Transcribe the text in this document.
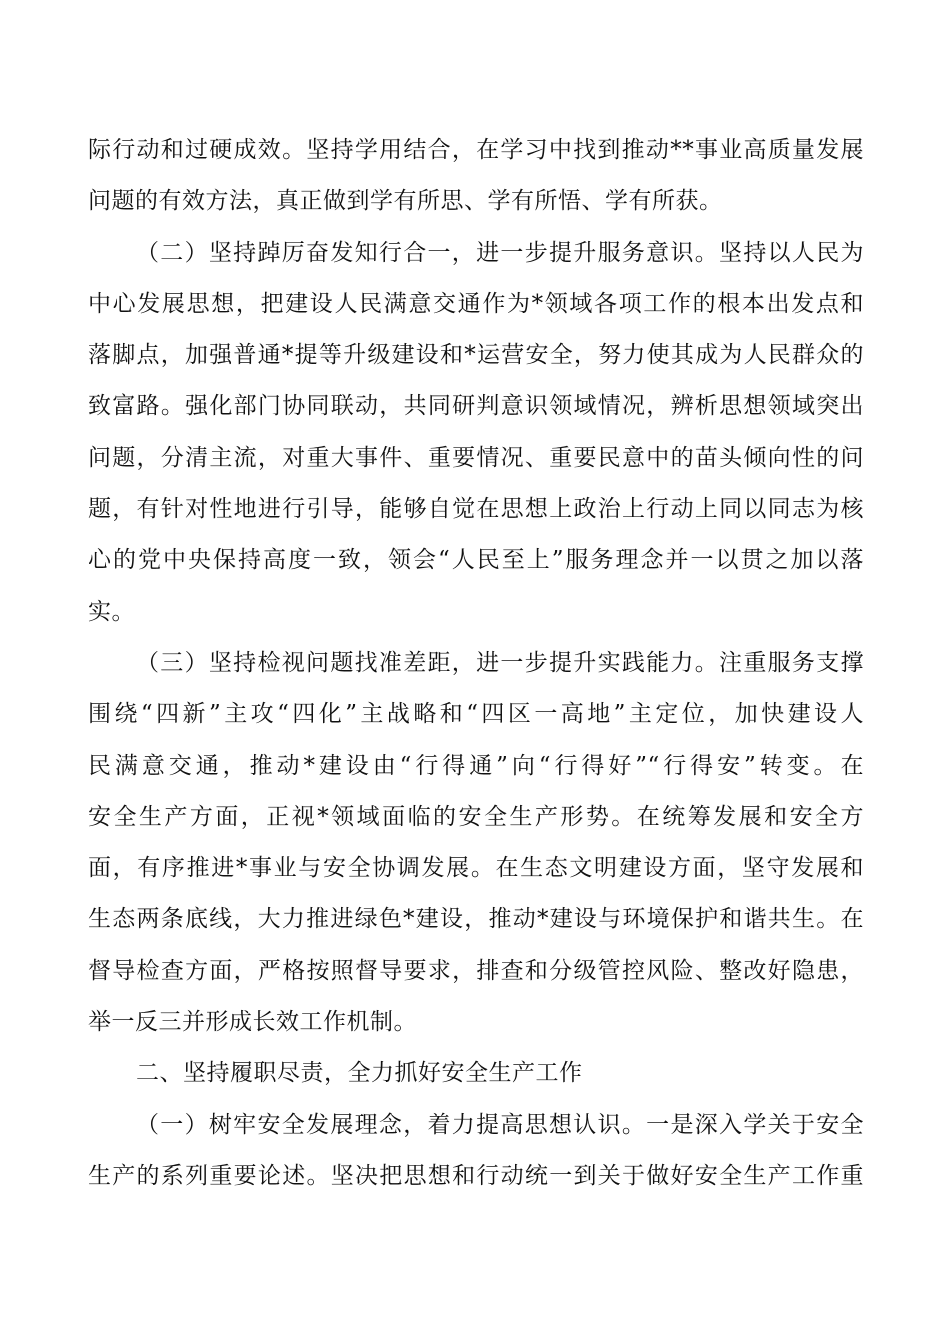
际行动和过硬成效。坚持学用结合，在学习中找到推动**事业高质量发展
问题的有效方法，真正做到学有所思、学有所悟、学有所获。
（二）坚持踔厉奋发知行合一，进一步提升服务意识。坚持以人民为
中心发展思想，把建设人民满意交通作为*领域各项工作的根本出发点和
落脚点，加强普通*提等升级建设和*运营安全，努力使其成为人民群众的
致富路。强化部门协同联动，共同研判意识领域情况，辨析思想领域突出
问题，分清主流，对重大事件、重要情况、重要民意中的苗头倾向性的问
题，有针对性地进行引导，能够自觉在思想上政治上行动上同以同志为核
心的党中央保持高度一致，领会“人民至上”服务理念并一以贯之加以落
实。
（三）坚持检视问题找准差距，进一步提升实践能力。注重服务支撑
围绕“四新”主攻“四化”主战略和“四区一高地”主定位，加快建设人
民满意交通，推动*建设由“行得通”向“行得好”“行得安”转变。在
安全生产方面，正视*领域面临的安全生产形势。在统筹发展和安全方
面，有序推进*事业与安全协调发展。在生态文明建设方面，坚守发展和
生态两条底线，大力推进绿色*建设，推动*建设与环境保护和谐共生。在
督导检查方面，严格按照督导要求，排查和分级管控风险、整改好隐患，
举一反三并形成长效工作机制。
二、坚持履职尽责，全力抓好安全生产工作
（一）树牢安全发展理念，着力提高思想认识。一是深入学关于安全
生产的系列重要论述。坚决把思想和行动统一到关于做好安全生产工作重
